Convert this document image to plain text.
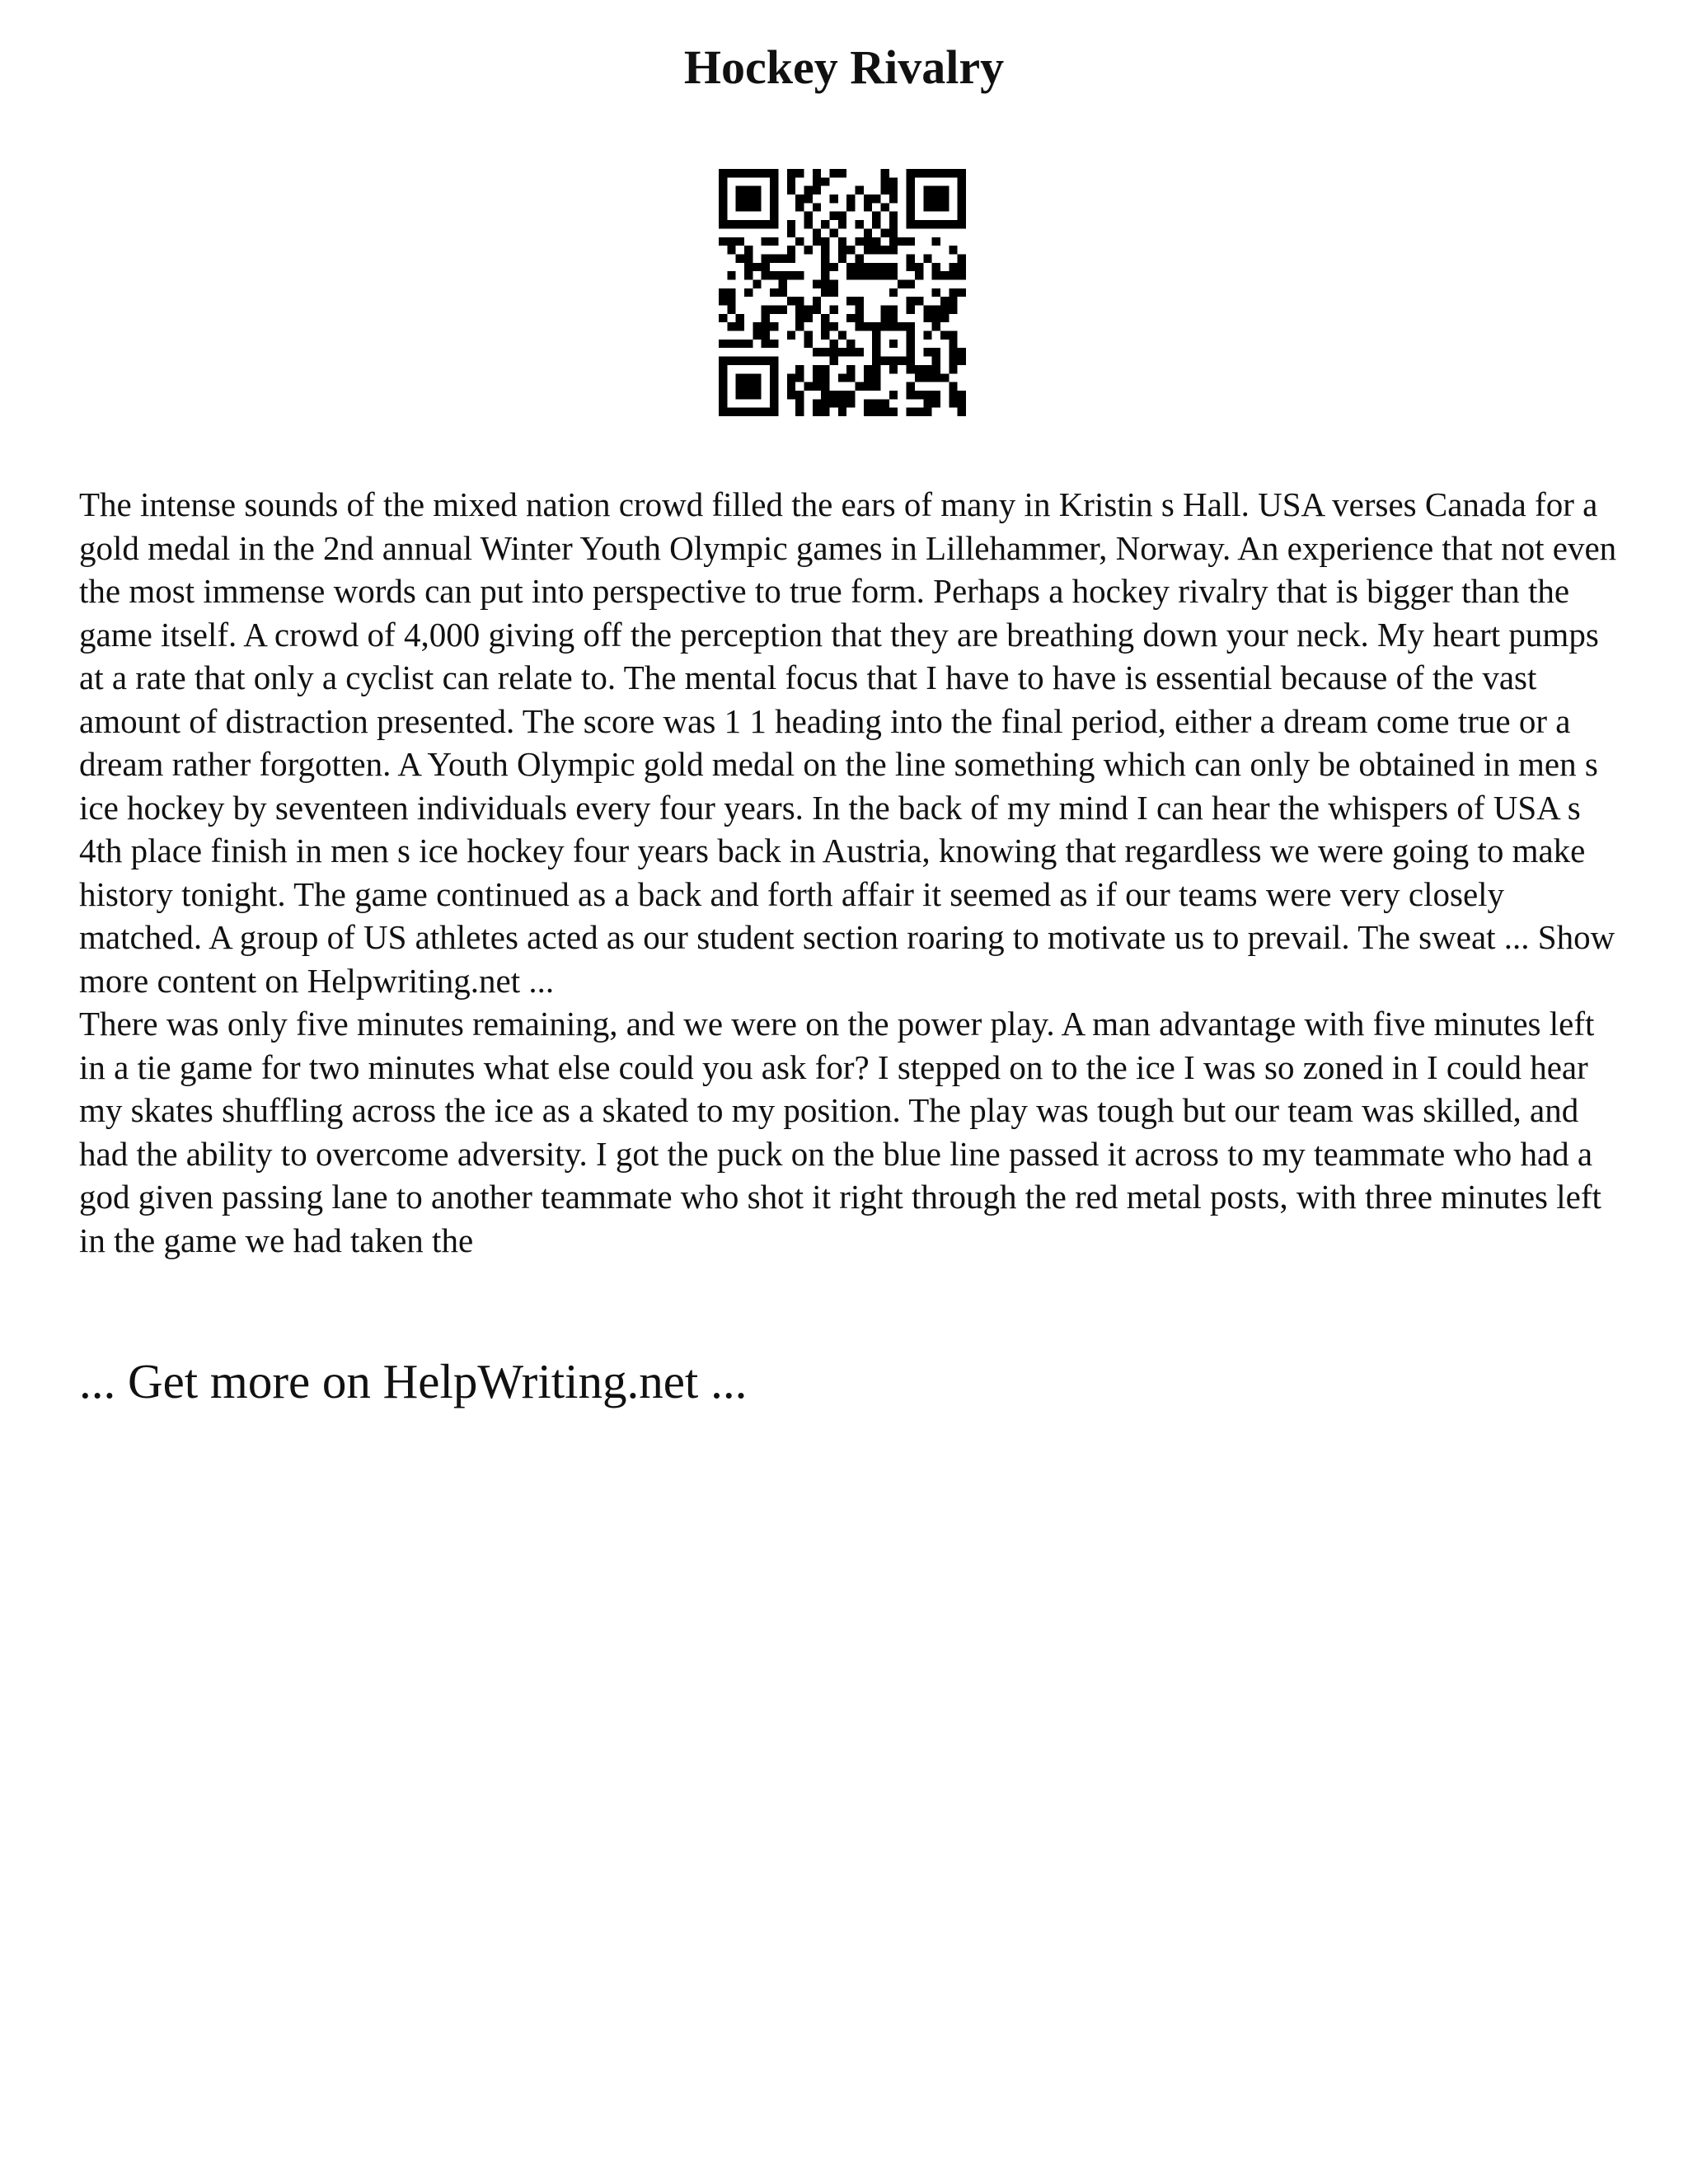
Hockey Rivalry

The intense sounds of the mixed nation crowd filled the ears of many in Kristin s Hall. USA verses Canada for a gold medal in the 2nd annual Winter Youth Olympic games in Lillehammer, Norway. An experience that not even the most immense words can put into perspective to true form. Perhaps a hockey rivalry that is bigger than the game itself. A crowd of 4,000 giving off the perception that they are breathing down your neck. My heart pumps at a rate that only a cyclist can relate to. The mental focus that I have to have is essential because of the vast amount of distraction presented. The score was 1 1 heading into the final period, either a dream come true or a dream rather forgotten. A Youth Olympic gold medal on the line something which can only be obtained in men s ice hockey by seventeen individuals every four years. In the back of my mind I can hear the whispers of USA s 4th place finish in men s ice hockey four years back in Austria, knowing that regardless we were going to make history tonight. The game continued as a back and forth affair it seemed as if our teams were very closely matched. A group of US athletes acted as our student section roaring to motivate us to prevail. The sweat ... Show more content on Helpwriting.net ...

There was only five minutes remaining, and we were on the power play. A man advantage with five minutes left in a tie game for two minutes what else could you ask for? I stepped on to the ice I was so zoned in I could hear my skates shuffling across the ice as a skated to my position. The play was tough but our team was skilled, and had the ability to overcome adversity. I got the puck on the blue line passed it across to my teammate who had a god given passing lane to another teammate who shot it right through the red metal posts, with three minutes left in the game we had taken the

... Get more on HelpWriting.net ...
